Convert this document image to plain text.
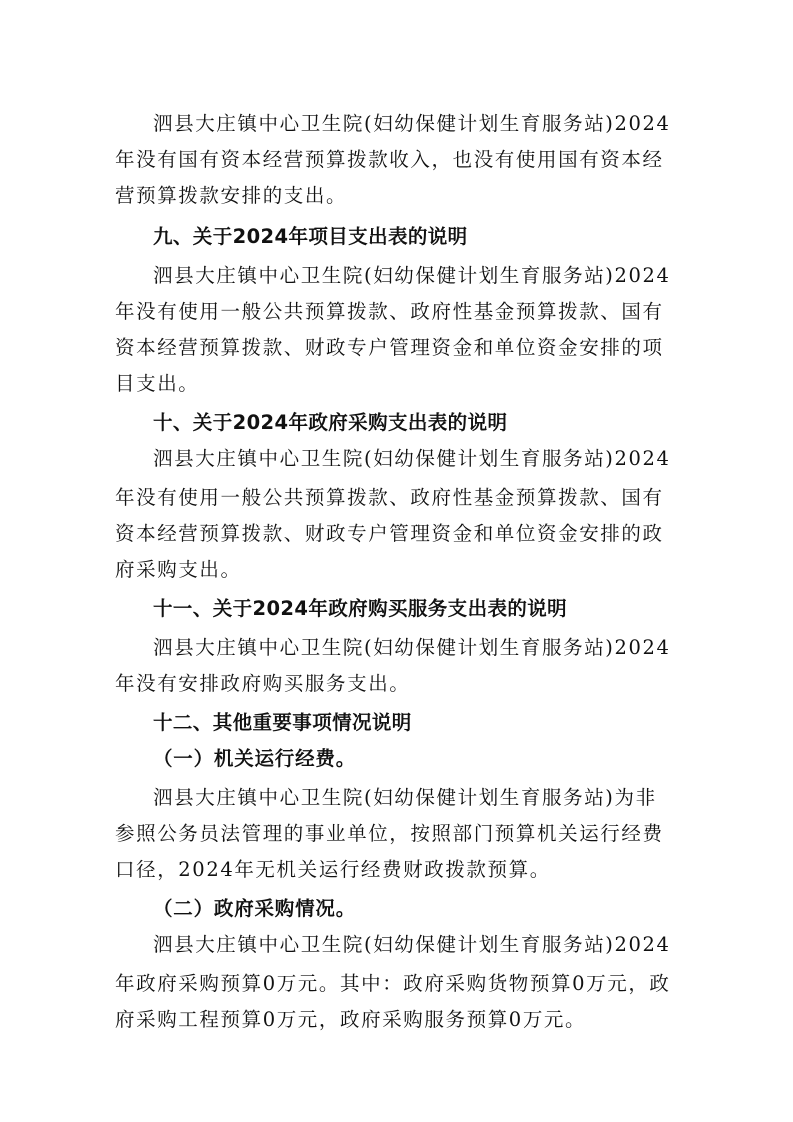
泗县大庄镇中心卫生院(妇幼保健计划生育服务站)2024
年没有国有资本经营预算拨款收入，也没有使用国有资本经
营预算拨款安排的支出。
九、关于2024年项目支出表的说明
泗县大庄镇中心卫生院(妇幼保健计划生育服务站)2024
年没有使用一般公共预算拨款、政府性基金预算拨款、国有
资本经营预算拨款、财政专户管理资金和单位资金安排的项
目支出。
十、关于2024年政府采购支出表的说明
泗县大庄镇中心卫生院(妇幼保健计划生育服务站)2024
年没有使用一般公共预算拨款、政府性基金预算拨款、国有
资本经营预算拨款、财政专户管理资金和单位资金安排的政
府采购支出。
十一、关于2024年政府购买服务支出表的说明
泗县大庄镇中心卫生院(妇幼保健计划生育服务站)2024
年没有安排政府购买服务支出。
十二、其他重要事项情况说明
（一）机关运行经费。
泗县大庄镇中心卫生院(妇幼保健计划生育服务站)为非
参照公务员法管理的事业单位，按照部门预算机关运行经费
口径，2024年无机关运行经费财政拨款预算。
（二）政府采购情况。
泗县大庄镇中心卫生院(妇幼保健计划生育服务站)2024
年政府采购预算0万元。其中：政府采购货物预算0万元，政
府采购工程预算0万元，政府采购服务预算0万元。
